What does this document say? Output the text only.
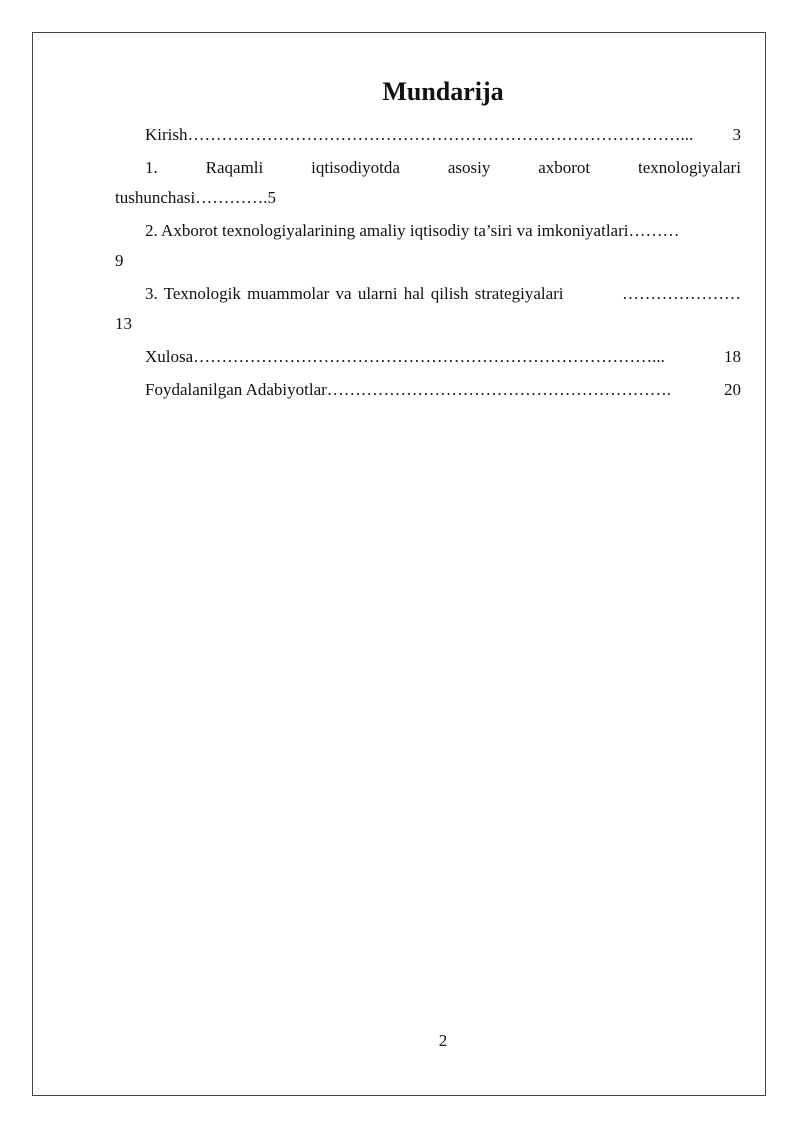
Mundarija
Kirish ……………………………………………………………………………...	3
1.	Raqamli	iqtisodiyotda	asosiy	axborot	texnologiyalari
tushunchasi………….5
2. Axborot texnologiyalarining amaliy iqtisodiy ta’siri va imkoniyatlari………
9
3. Texnologik muammolar va ularni hal qilish strategiyalari	…………………
13
Xulosa ………………………………………………………………………...	18
Foydalanilgan Adabiyotlar …………………………………………………….	20
2
